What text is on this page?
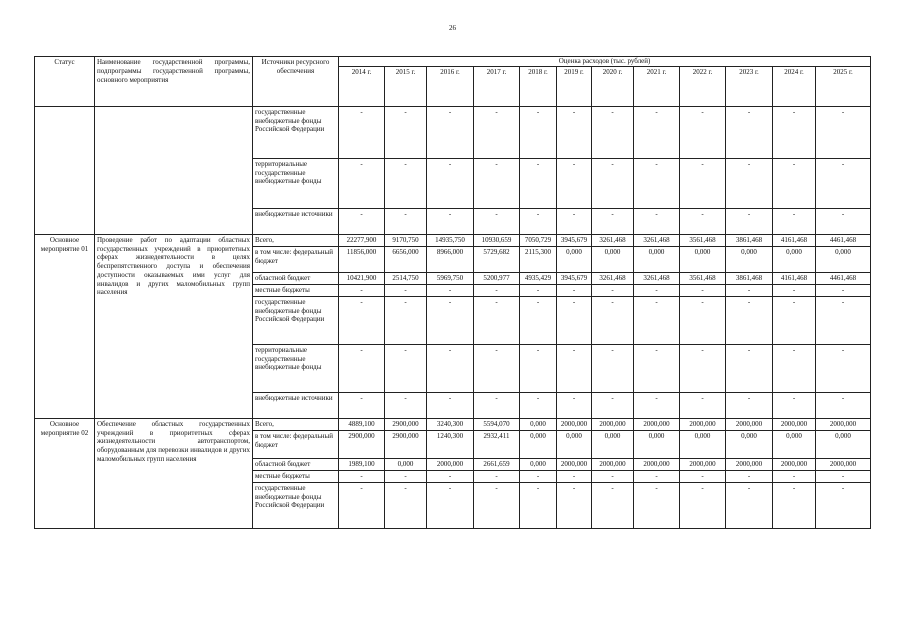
26
Статус	Наименование государственной программы, подпрограммы государственной программы, основного мероприятия	Источники ресурсного обеспечения	Оценка расходов (тыс. рублей)											
			2014 г.	2015 г.	2016 г.	2017 г.	2018 г.	2019 г.	2020 г.	2021 г.	2022 г.	2023 г.	2024 г.	2025 г.
		государственные внебюджетные фонды Российской Федерации	-	-	-	-	-	-	-	-	-	-	-	-
		территориальные государственные внебюджетные фонды	-	-	-	-	-	-	-	-	-	-	-	-
		внебюджетные источники	-	-	-	-	-	-	-	-	-	-	-	-
Основное мероприятие 01	Проведение работ по адаптации областных государственных учреждений в приоритетных сферах жизнедеятельности в целях беспрепятственного доступа и обеспечения доступности оказываемых ими услуг для инвалидов и других маломобильных групп населения	Всего,	22277,900	9170,750	14935,750	10930,659	7050,729	3945,679	3261,468	3261,468	3561,468	3861,468	4161,468	4461,468
		в том числе: федеральный бюджет	11856,000	6656,000	8966,000	5729,682	2115,300	0,000	0,000	0,000	0,000	0,000	0,000	0,000
		областной бюджет	10421,900	2514,750	5969,750	5200,977	4935,429	3945,679	3261,468	3261,468	3561,468	3861,468	4161,468	4461,468
		местные бюджеты	-	-	-	-	-	-	-	-	-	-	-	-
		государственные внебюджетные фонды Российской Федерации	-	-	-	-	-	-	-	-	-	-	-	-
		территориальные государственные внебюджетные фонды	-	-	-	-	-	-	-	-	-	-	-	-
		внебюджетные источники	-	-	-	-	-	-	-	-	-	-	-	-
Основное мероприятие 02	Обеспечение областных государственных учреждений в приоритетных сферах жизнедеятельности автотранспортом, оборудованным для перевозки инвалидов и других маломобильных групп населения	Всего,	4889,100	2900,000	3240,300	5594,070	0,000	2000,000	2000,000	2000,000	2000,000	2000,000	2000,000	2000,000
		в том числе: федеральный бюджет	2900,000	2900,000	1240,300	2932,411	0,000	0,000	0,000	0,000	0,000	0,000	0,000	0,000
		областной бюджет	1989,100	0,000	2000,000	2661,659	0,000	2000,000	2000,000	2000,000	2000,000	2000,000	2000,000	2000,000
		местные бюджеты	-	-	-	-	-	-	-	-	-	-	-	-
		государственные внебюджетные фонды Российской Федерации	-	-	-	-	-	-	-	-	-	-	-	-
